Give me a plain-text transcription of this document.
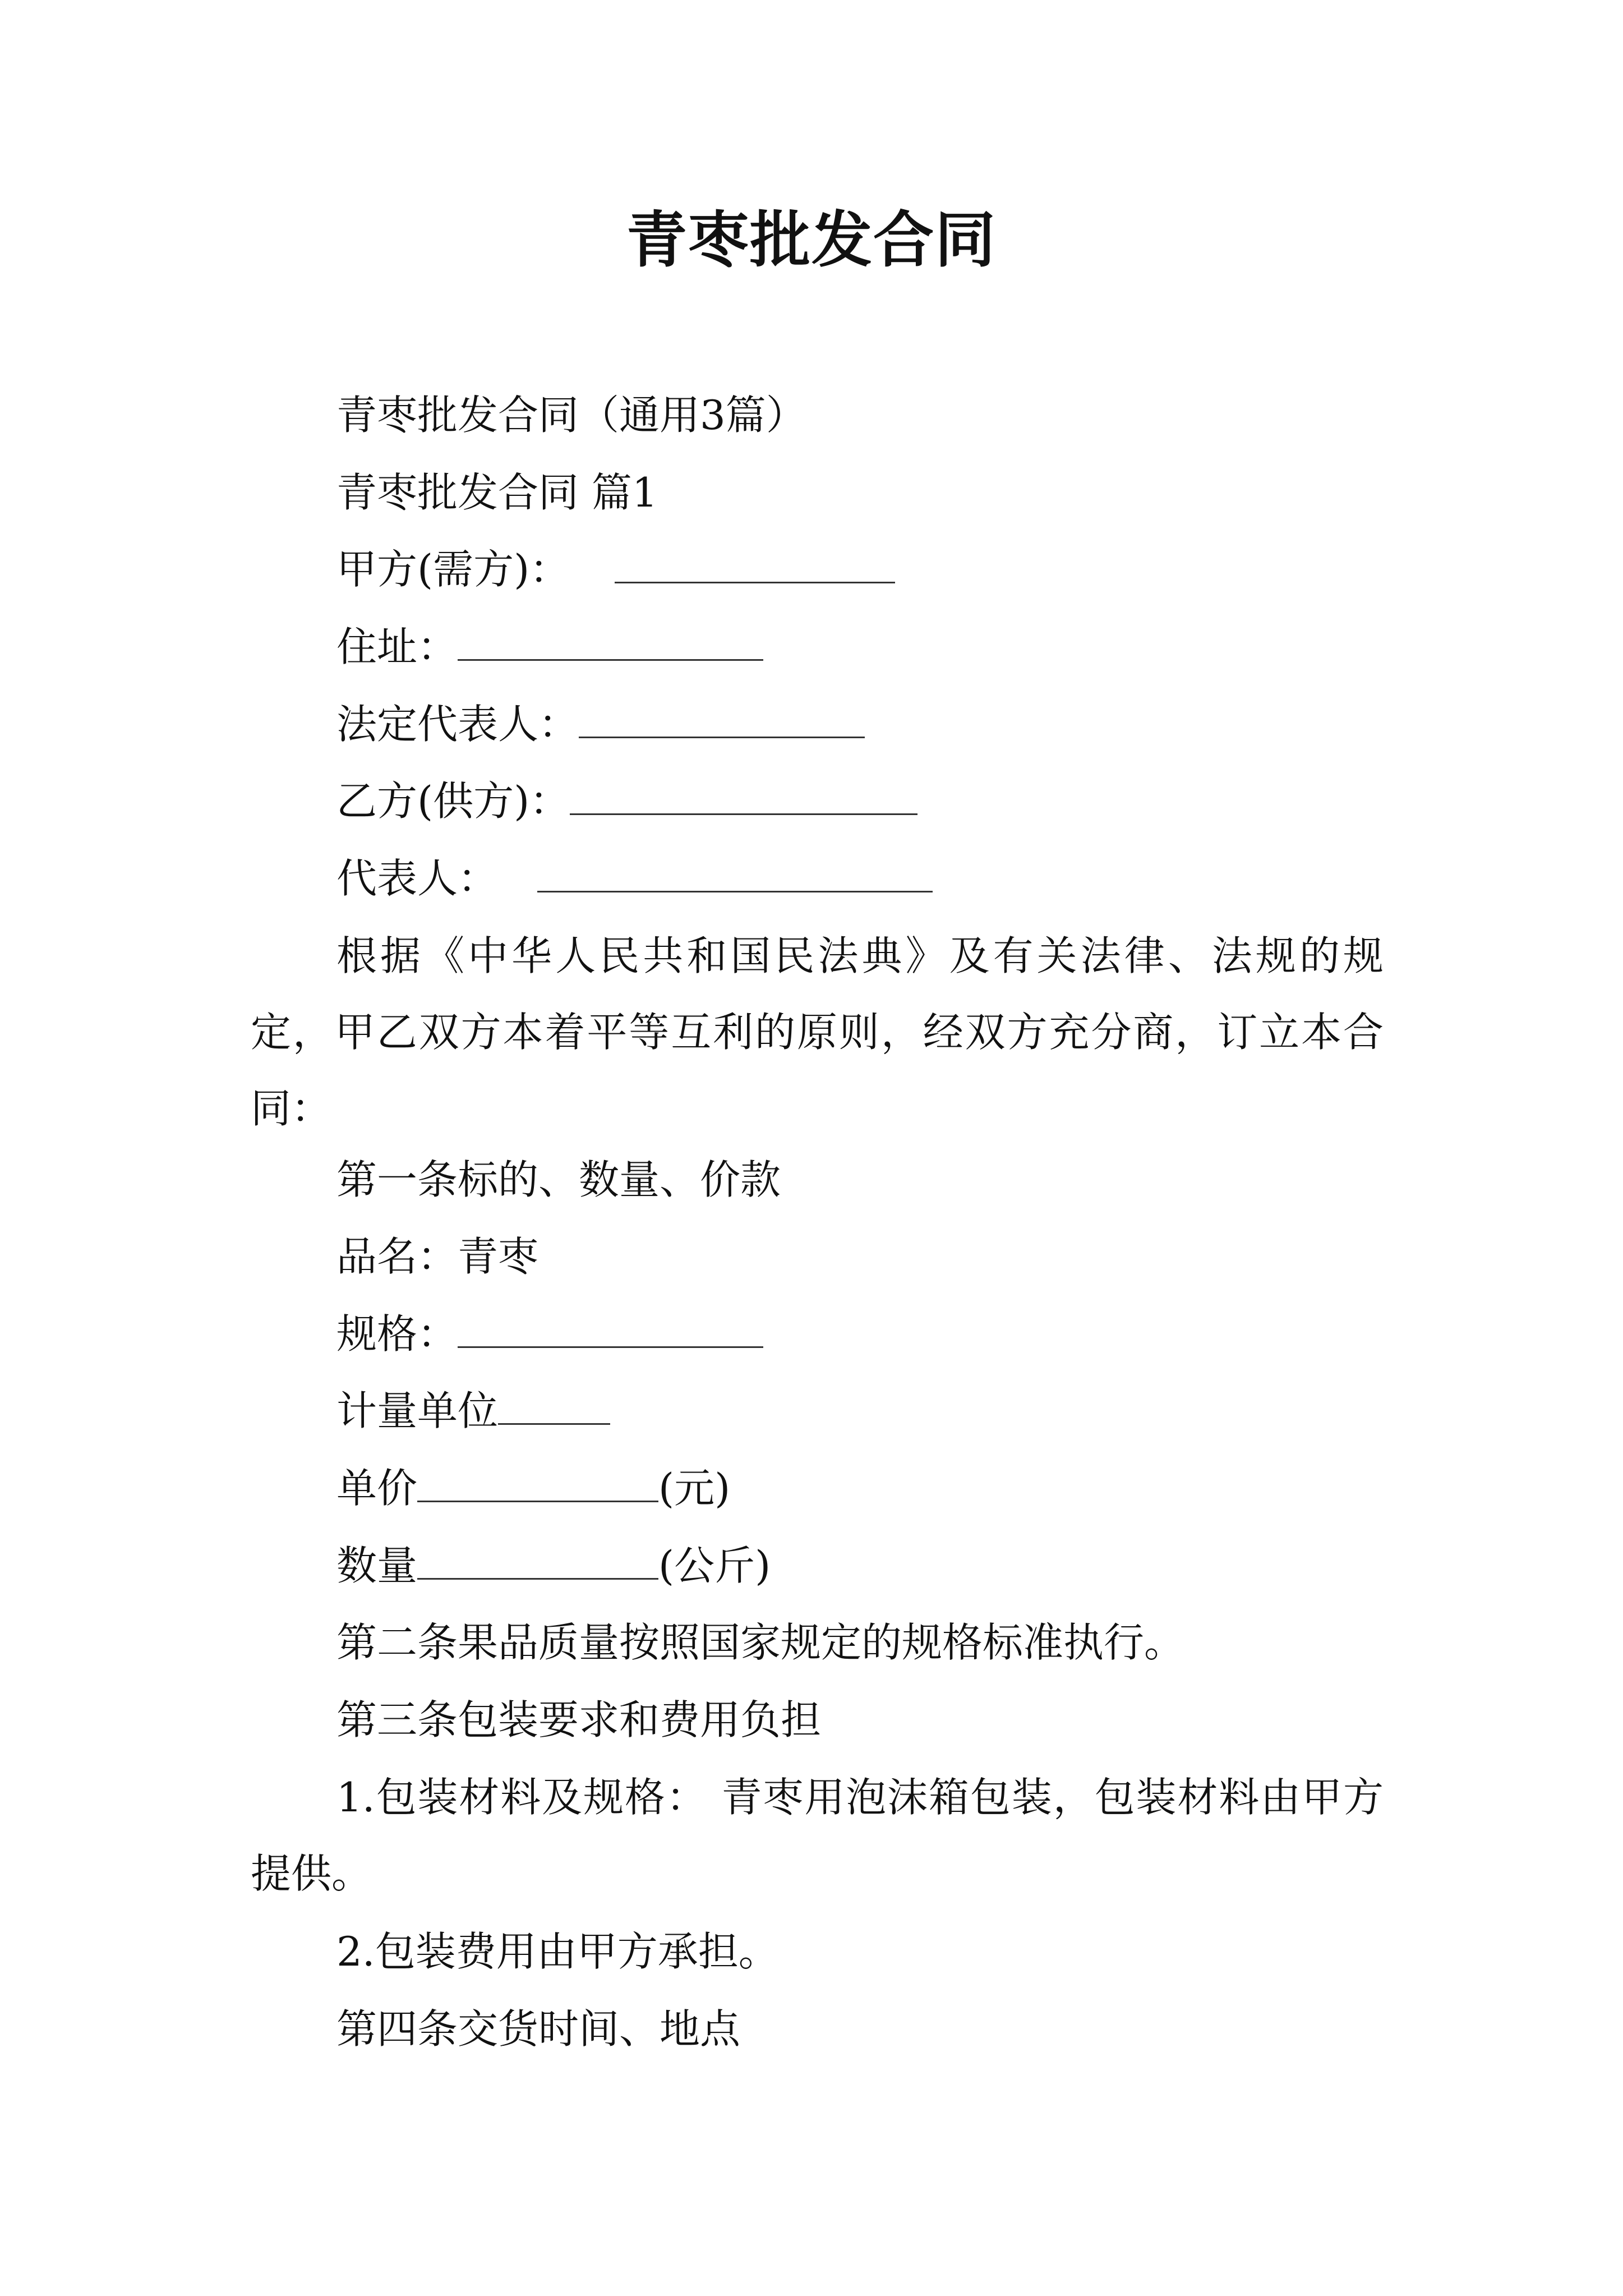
青枣批发合同
青枣批发合同（通用3篇）
青枣批发合同 篇1
甲方(需方)：
住址：
法定代表人：
乙方(供方)：
代表人：
根据《中华人民共和国民法典》及有关法律、法规的规定，甲乙双方本着平等互利的原则，经双方充分商，订立本合同：
第一条标的、数量、价款
品名：青枣
规格：
计量单位
单价	(元)
数量	(公斤)
第二条果品质量按照国家规定的规格标准执行。
第三条包装要求和费用负担
1.包装材料及规格： 青枣用泡沫箱包装，包装材料由甲方提供。
2.包装费用由甲方承担。
第四条交货时间、地点
